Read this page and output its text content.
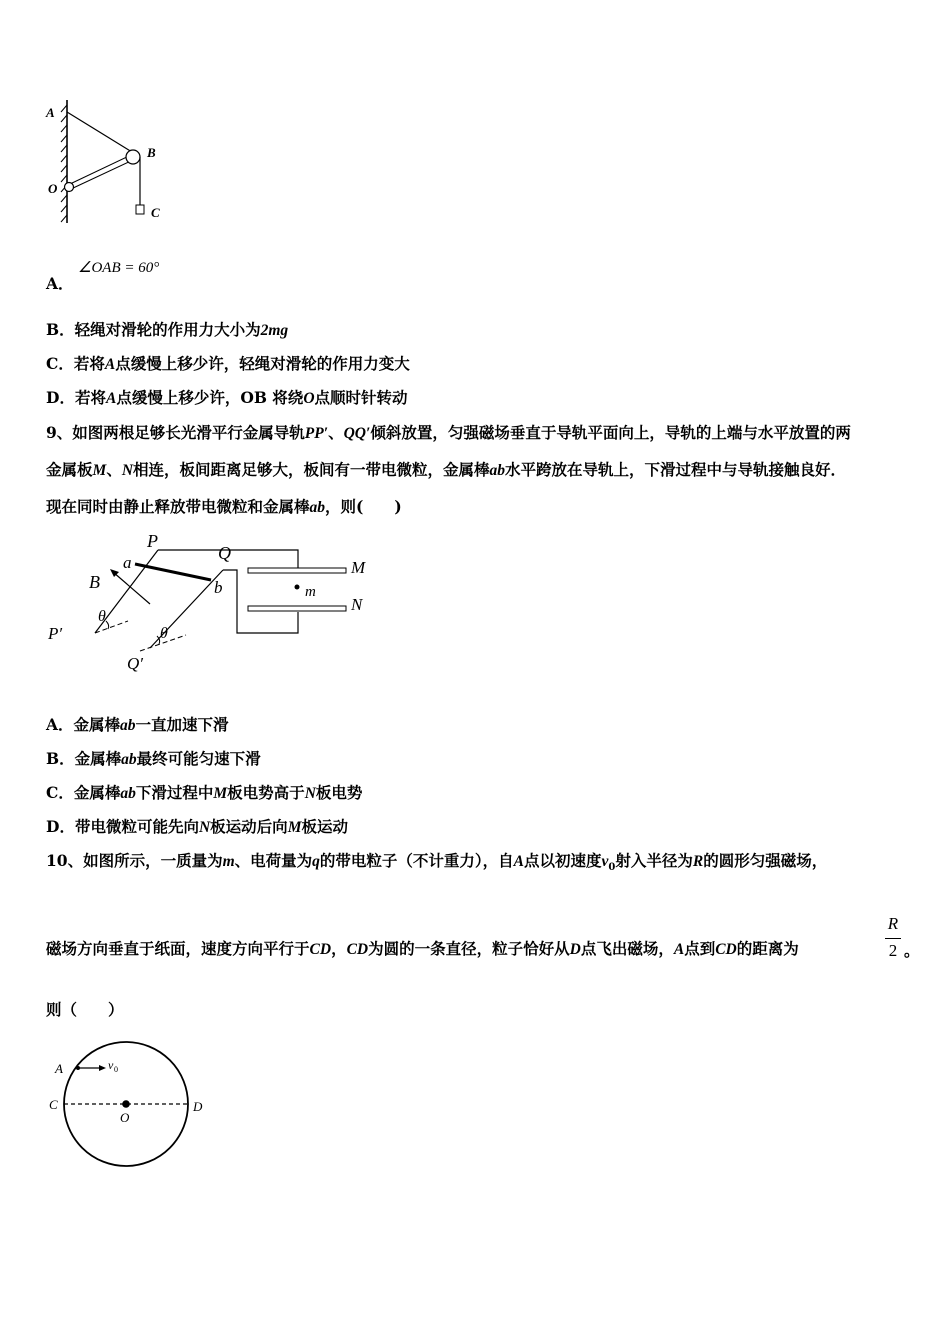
A
B
O
C
A．
∠OAB = 60°
B．轻绳对滑轮的作用力大小为2mg
C．若将A点缓慢上移少许，轻绳对滑轮的作用力变大
D．若将A点缓慢上移少许，OB 将绕O点顺时针转动
9、如图两根足够长光滑平行金属导轨PP′、QQ′倾斜放置，匀强磁场垂直于导轨平面向上，导轨的上端与水平放置的两
金属板M、N相连，板间距离足够大，板间有一带电微粒，金属棒ab水平跨放在导轨上，下滑过程中与导轨接触良好．
现在同时由静止释放带电微粒和金属棒ab，则(　　)
P
Q
a
b
B
M
N
m
P′
Q′
θ
θ
A．金属棒ab一直加速下滑
B．金属棒ab最终可能匀速下滑
C．金属棒ab下滑过程中M板电势高于N板电势
D．带电微粒可能先向N板运动后向M板运动
10、如图所示，一质量为m、电荷量为q的带电粒子（不计重力），自A点以初速度$v_0$射入半径为R的圆形匀强磁场，
磁场方向垂直于纸面，速度方向平行于CD，CD为圆的一条直径，粒子恰好从D点飞出磁场，A点到CD的距离为
R
2 。
则（　　）
A
C
O
D
v 0
